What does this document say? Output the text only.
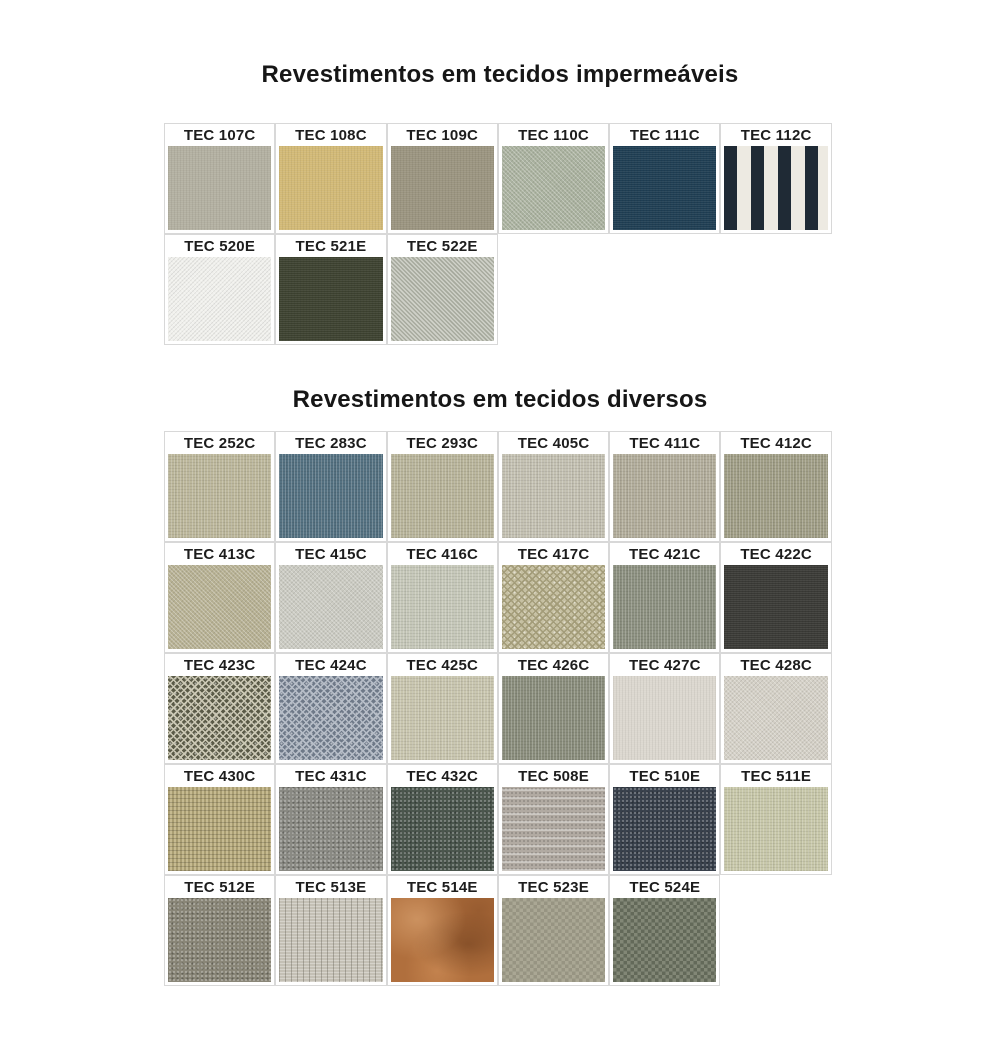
Revestimentos em tecidos impermeáveis
TEC 107C	TEC 108C	TEC 109C	TEC 110C	TEC 111C	TEC 112C
TEC 520E	TEC 521E	TEC 522E
Revestimentos em tecidos diversos
TEC 252C	TEC 283C	TEC 293C	TEC 405C	TEC 411C	TEC 412C
TEC 413C	TEC 415C	TEC 416C	TEC 417C	TEC 421C	TEC 422C
TEC 423C	TEC 424C	TEC 425C	TEC 426C	TEC 427C	TEC 428C
TEC 430C	TEC 431C	TEC 432C	TEC 508E	TEC 510E	TEC 511E
TEC 512E	TEC 513E	TEC 514E	TEC 523E	TEC 524E
